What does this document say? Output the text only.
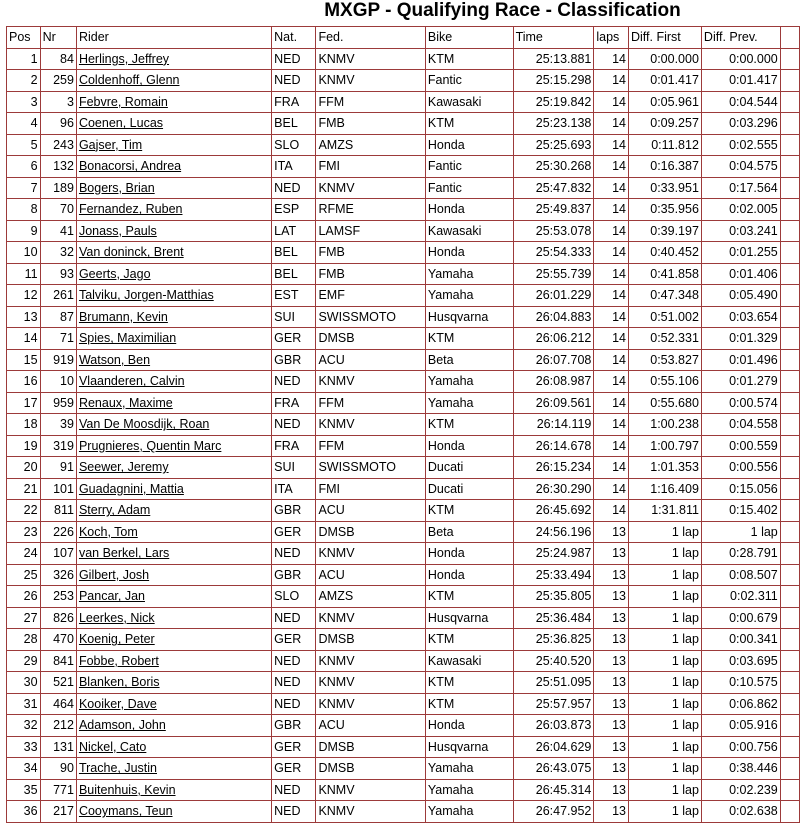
MXGP - Qualifying Race - Classification
Pos	Nr	Rider	Nat.	Fed.	Bike	Time	laps	Diff. First	Diff. Prev.	
1	84	Herlings, Jeffrey	NED	KNMV	KTM	25:13.881	14	0:00.000	0:00.000	
2	259	Coldenhoff, Glenn	NED	KNMV	Fantic	25:15.298	14	0:01.417	0:01.417	
3	3	Febvre, Romain	FRA	FFM	Kawasaki	25:19.842	14	0:05.961	0:04.544	
4	96	Coenen, Lucas	BEL	FMB	KTM	25:23.138	14	0:09.257	0:03.296	
5	243	Gajser, Tim	SLO	AMZS	Honda	25:25.693	14	0:11.812	0:02.555	
6	132	Bonacorsi, Andrea	ITA	FMI	Fantic	25:30.268	14	0:16.387	0:04.575	
7	189	Bogers, Brian	NED	KNMV	Fantic	25:47.832	14	0:33.951	0:17.564	
8	70	Fernandez, Ruben	ESP	RFME	Honda	25:49.837	14	0:35.956	0:02.005	
9	41	Jonass, Pauls	LAT	LAMSF	Kawasaki	25:53.078	14	0:39.197	0:03.241	
10	32	Van doninck, Brent	BEL	FMB	Honda	25:54.333	14	0:40.452	0:01.255	
11	93	Geerts, Jago	BEL	FMB	Yamaha	25:55.739	14	0:41.858	0:01.406	
12	261	Talviku, Jorgen-Matthias	EST	EMF	Yamaha	26:01.229	14	0:47.348	0:05.490	
13	87	Brumann, Kevin	SUI	SWISSMOTO	Husqvarna	26:04.883	14	0:51.002	0:03.654	
14	71	Spies, Maximilian	GER	DMSB	KTM	26:06.212	14	0:52.331	0:01.329	
15	919	Watson, Ben	GBR	ACU	Beta	26:07.708	14	0:53.827	0:01.496	
16	10	Vlaanderen, Calvin	NED	KNMV	Yamaha	26:08.987	14	0:55.106	0:01.279	
17	959	Renaux, Maxime	FRA	FFM	Yamaha	26:09.561	14	0:55.680	0:00.574	
18	39	Van De Moosdijk, Roan	NED	KNMV	KTM	26:14.119	14	1:00.238	0:04.558	
19	319	Prugnieres, Quentin Marc	FRA	FFM	Honda	26:14.678	14	1:00.797	0:00.559	
20	91	Seewer, Jeremy	SUI	SWISSMOTO	Ducati	26:15.234	14	1:01.353	0:00.556	
21	101	Guadagnini, Mattia	ITA	FMI	Ducati	26:30.290	14	1:16.409	0:15.056	
22	811	Sterry, Adam	GBR	ACU	KTM	26:45.692	14	1:31.811	0:15.402	
23	226	Koch, Tom	GER	DMSB	Beta	24:56.196	13	1 lap	1 lap	
24	107	van Berkel, Lars	NED	KNMV	Honda	25:24.987	13	1 lap	0:28.791	
25	326	Gilbert, Josh	GBR	ACU	Honda	25:33.494	13	1 lap	0:08.507	
26	253	Pancar, Jan	SLO	AMZS	KTM	25:35.805	13	1 lap	0:02.311	
27	826	Leerkes, Nick	NED	KNMV	Husqvarna	25:36.484	13	1 lap	0:00.679	
28	470	Koenig, Peter	GER	DMSB	KTM	25:36.825	13	1 lap	0:00.341	
29	841	Fobbe, Robert	NED	KNMV	Kawasaki	25:40.520	13	1 lap	0:03.695	
30	521	Blanken, Boris	NED	KNMV	KTM	25:51.095	13	1 lap	0:10.575	
31	464	Kooiker, Dave	NED	KNMV	KTM	25:57.957	13	1 lap	0:06.862	
32	212	Adamson, John	GBR	ACU	Honda	26:03.873	13	1 lap	0:05.916	
33	131	Nickel, Cato	GER	DMSB	Husqvarna	26:04.629	13	1 lap	0:00.756	
34	90	Trache, Justin	GER	DMSB	Yamaha	26:43.075	13	1 lap	0:38.446	
35	771	Buitenhuis, Kevin	NED	KNMV	Yamaha	26:45.314	13	1 lap	0:02.239	
36	217	Cooymans, Teun	NED	KNMV	Yamaha	26:47.952	13	1 lap	0:02.638	
